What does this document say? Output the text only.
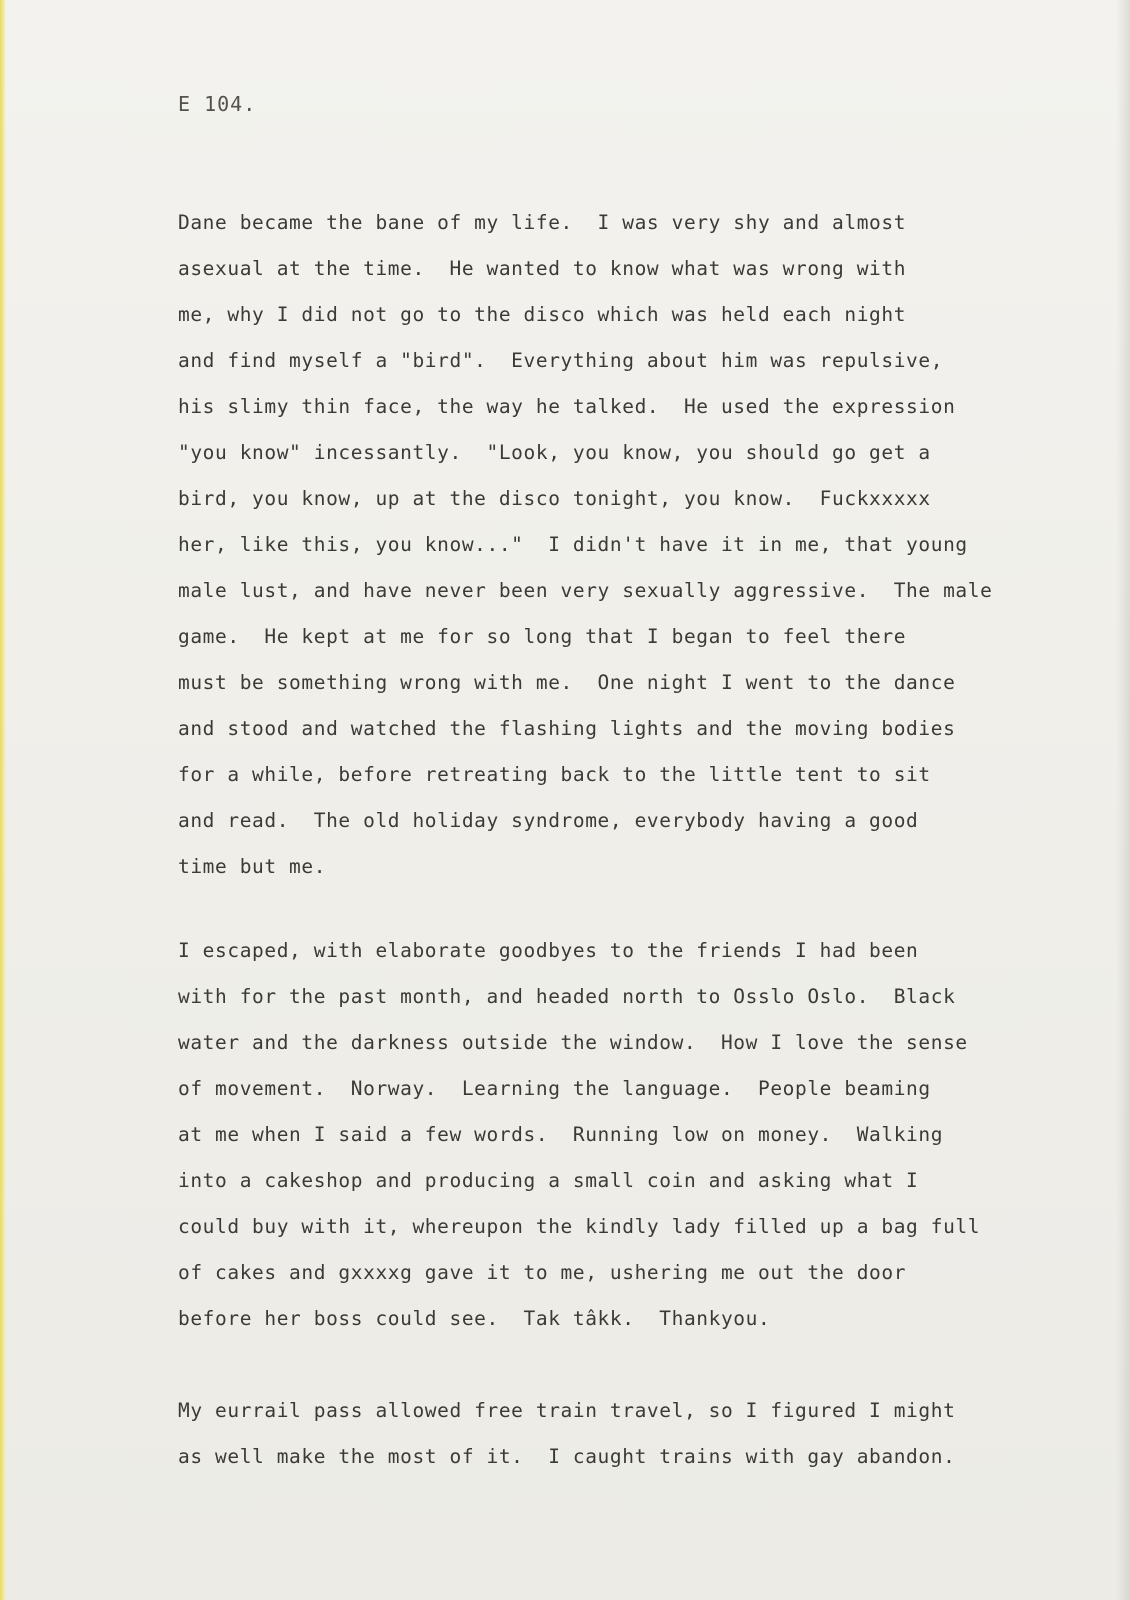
E 104.

Dane became the bane of my life.  I was very shy and almost
asexual at the time.  He wanted to know what was wrong with
me, why I did not go to the disco which was held each night
and find myself a "bird".  Everything about him was repulsive,
his slimy thin face, the way he talked.  He used the expression
"you know" incessantly.  "Look, you know, you should go get a
bird, you know, up at the disco tonight, you know.  Fuckxxxxx
her, like this, you know..."  I didn't have it in me, that young
male lust, and have never been very sexually aggressive.  The male
game.  He kept at me for so long that I began to feel there
must be something wrong with me.  One night I went to the dance
and stood and watched the flashing lights and the moving bodies
for a while, before retreating back to the little tent to sit
and read.  The old holiday syndrome, everybody having a good
time but me.
I escaped, with elaborate goodbyes to the friends I had been
with for the past month, and headed north to Osslo Oslo.  Black
water and the darkness outside the window.  How I love the sense
of movement.  Norway.  Learning the language.  People beaming
at me when I said a few words.  Running low on money.  Walking
into a cakeshop and producing a small coin and asking what I
could buy with it, whereupon the kindly lady filled up a bag full
of cakes and gxxxxg gave it to me, ushering me out the door
before her boss could see.  Tak tâkk.  Thankyou.
My eurrail pass allowed free train travel, so I figured I might
as well make the most of it.  I caught trains with gay abandon.
